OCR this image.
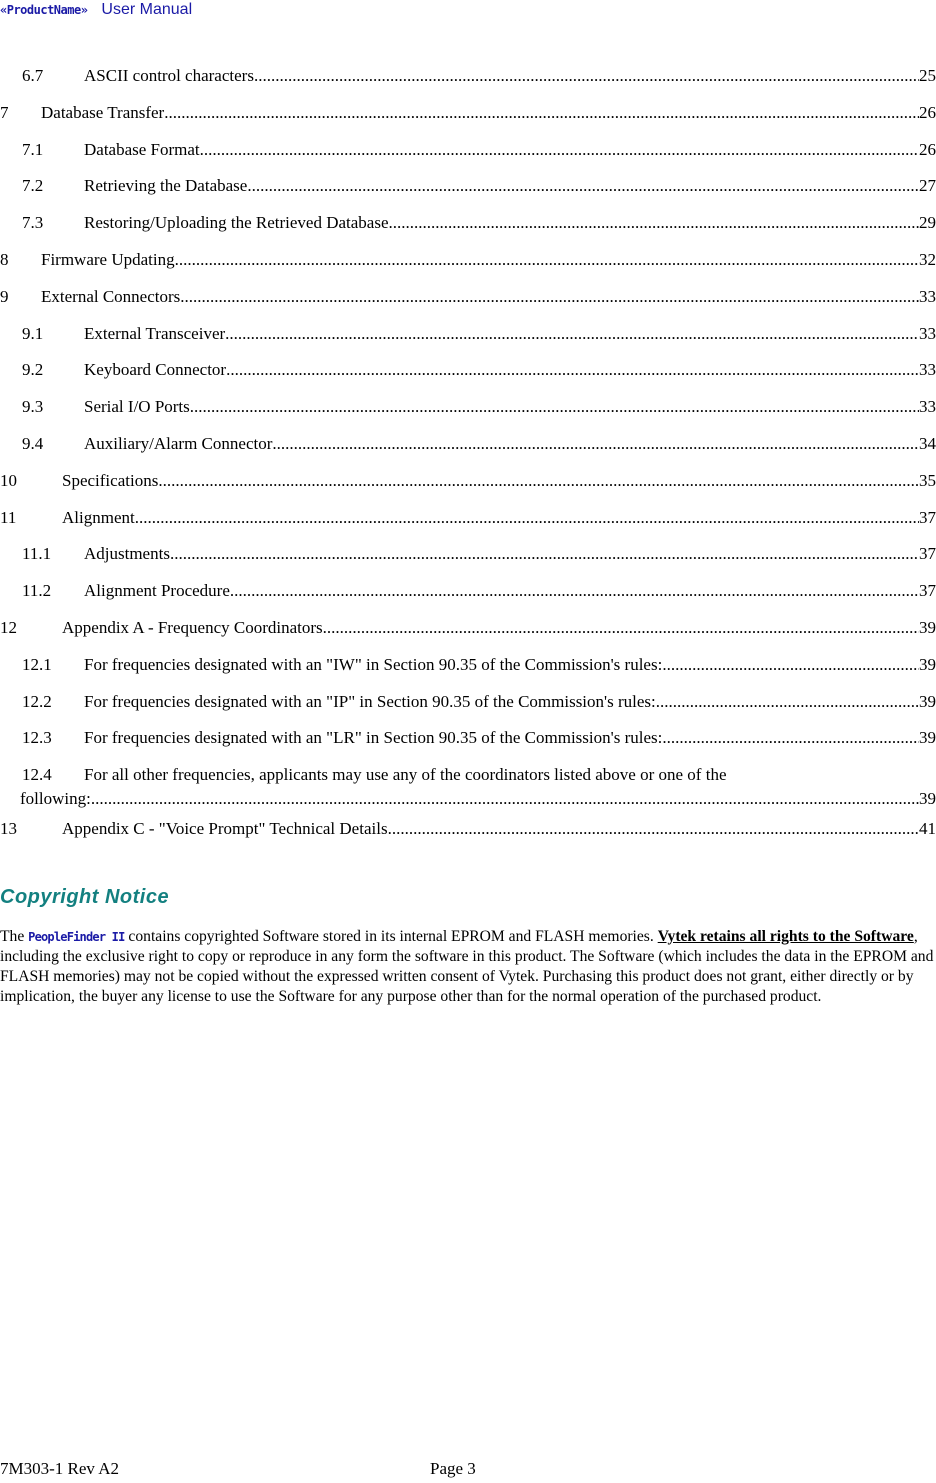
«ProductName» User Manual
6.7	ASCII control characters .....	25
7	Database Transfer .....	26
7.1	Database Format .....	26
7.2	Retrieving the Database .....	27
7.3	Restoring/Uploading the Retrieved Database .....	29
8	Firmware Updating .....	32
9	External Connectors .....	33
9.1	External Transceiver .....	33
9.2	Keyboard Connector .....	33
9.3	Serial I/O Ports .....	33
9.4	Auxiliary/Alarm Connector .....	34
10	Specifications .....	35
11	Alignment .....	37
11.1	Adjustments .....	37
11.2	Alignment Procedure .....	37
12	Appendix A - Frequency Coordinators .....	39
12.1	For frequencies designated with an "IW" in Section 90.35 of the Commission's rules: .....	39
12.2	For frequencies designated with an "IP" in Section 90.35 of the Commission's rules: .....	39
12.3	For frequencies designated with an "LR" in Section 90.35 of the Commission's rules: .....	39
12.4	For all other frequencies, applicants may use any of the coordinators listed above or one of the
following: .....	39
13	Appendix C - "Voice Prompt" Technical Details .....	41
Copyright Notice
The PeopleFinder II contains copyrighted Software stored in its internal EPROM and FLASH memories. Vytek retains all rights to the Software, including the exclusive right to copy or reproduce in any form the software in this product. The Software (which includes the data in the EPROM and FLASH memories) may not be copied without the expressed written consent of Vytek. Purchasing this product does not grant, either directly or by implication, the buyer any license to use the Software for any purpose other than for the normal operation of the purchased product.
7M303-1 Rev A2	Page 3
